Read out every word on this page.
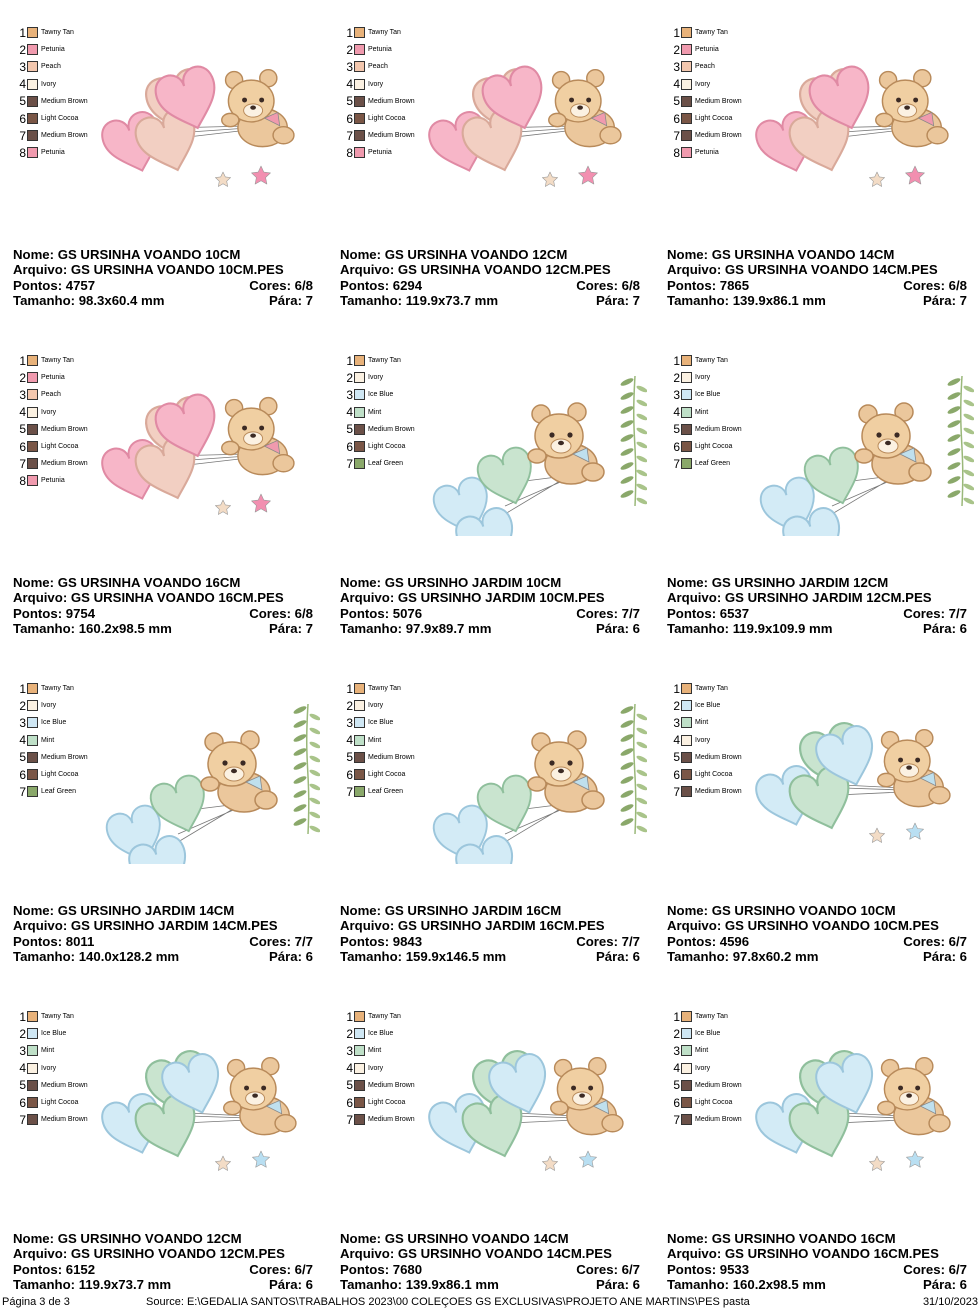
1 Tawny Tan
2 Petunia
3 Peach
4 Ivory
5 Medium Brown
6 Light Cocoa
7 Medium Brown
8 Petunia
Nome: GS URSINHA VOANDO 10CM
Arquivo: GS URSINHA VOANDO 10CM.PES
Pontos: 4757	Cores: 6/8
Tamanho: 98.3x60.4 mm	Pára: 7
1 Tawny Tan
2 Petunia
3 Peach
4 Ivory
5 Medium Brown
6 Light Cocoa
7 Medium Brown
8 Petunia
Nome: GS URSINHA VOANDO 12CM
Arquivo: GS URSINHA VOANDO 12CM.PES
Pontos: 6294	Cores: 6/8
Tamanho: 119.9x73.7 mm	Pára: 7
1 Tawny Tan
2 Petunia
3 Peach
4 Ivory
5 Medium Brown
6 Light Cocoa
7 Medium Brown
8 Petunia
Nome: GS URSINHA VOANDO 14CM
Arquivo: GS URSINHA VOANDO 14CM.PES
Pontos: 7865	Cores: 6/8
Tamanho: 139.9x86.1 mm	Pára: 7
1 Tawny Tan
2 Petunia
3 Peach
4 Ivory
5 Medium Brown
6 Light Cocoa
7 Medium Brown
8 Petunia
Nome: GS URSINHA VOANDO 16CM
Arquivo: GS URSINHA VOANDO 16CM.PES
Pontos: 9754	Cores: 6/8
Tamanho: 160.2x98.5 mm	Pára: 7
1 Tawny Tan
2 Ivory
3 Ice Blue
4 Mint
5 Medium Brown
6 Light Cocoa
7 Leaf Green
Nome: GS URSINHO JARDIM 10CM
Arquivo: GS URSINHO JARDIM 10CM.PES
Pontos: 5076	Cores: 7/7
Tamanho: 97.9x89.7 mm	Pára: 6
1 Tawny Tan
2 Ivory
3 Ice Blue
4 Mint
5 Medium Brown
6 Light Cocoa
7 Leaf Green
Nome: GS URSINHO JARDIM 12CM
Arquivo: GS URSINHO JARDIM 12CM.PES
Pontos: 6537	Cores: 7/7
Tamanho: 119.9x109.9 mm	Pára: 6
1 Tawny Tan
2 Ivory
3 Ice Blue
4 Mint
5 Medium Brown
6 Light Cocoa
7 Leaf Green
Nome: GS URSINHO JARDIM 14CM
Arquivo: GS URSINHO JARDIM 14CM.PES
Pontos: 8011	Cores: 7/7
Tamanho: 140.0x128.2 mm	Pára: 6
1 Tawny Tan
2 Ivory
3 Ice Blue
4 Mint
5 Medium Brown
6 Light Cocoa
7 Leaf Green
Nome: GS URSINHO JARDIM 16CM
Arquivo: GS URSINHO JARDIM 16CM.PES
Pontos: 9843	Cores: 7/7
Tamanho: 159.9x146.5 mm	Pára: 6
1 Tawny Tan
2 Ice Blue
3 Mint
4 Ivory
5 Medium Brown
6 Light Cocoa
7 Medium Brown
Nome: GS URSINHO VOANDO 10CM
Arquivo: GS URSINHO VOANDO 10CM.PES
Pontos: 4596	Cores: 6/7
Tamanho: 97.8x60.2 mm	Pára: 6
1 Tawny Tan
2 Ice Blue
3 Mint
4 Ivory
5 Medium Brown
6 Light Cocoa
7 Medium Brown
Nome: GS URSINHO VOANDO 12CM
Arquivo: GS URSINHO VOANDO 12CM.PES
Pontos: 6152	Cores: 6/7
Tamanho: 119.9x73.7 mm	Pára: 6
1 Tawny Tan
2 Ice Blue
3 Mint
4 Ivory
5 Medium Brown
6 Light Cocoa
7 Medium Brown
Nome: GS URSINHO VOANDO 14CM
Arquivo: GS URSINHO VOANDO 14CM.PES
Pontos: 7680	Cores: 6/7
Tamanho: 139.9x86.1 mm	Pára: 6
1 Tawny Tan
2 Ice Blue
3 Mint
4 Ivory
5 Medium Brown
6 Light Cocoa
7 Medium Brown
Nome: GS URSINHO VOANDO 16CM
Arquivo: GS URSINHO VOANDO 16CM.PES
Pontos: 9533	Cores: 6/7
Tamanho: 160.2x98.5 mm	Pára: 6
Página 3 de 3	Source: E:\GEDALIA SANTOS\TRABALHOS 2023\00 COLEÇOES GS EXCLUSIVAS\PROJETO ANE MARTINS\PES pasta	31/10/2023
